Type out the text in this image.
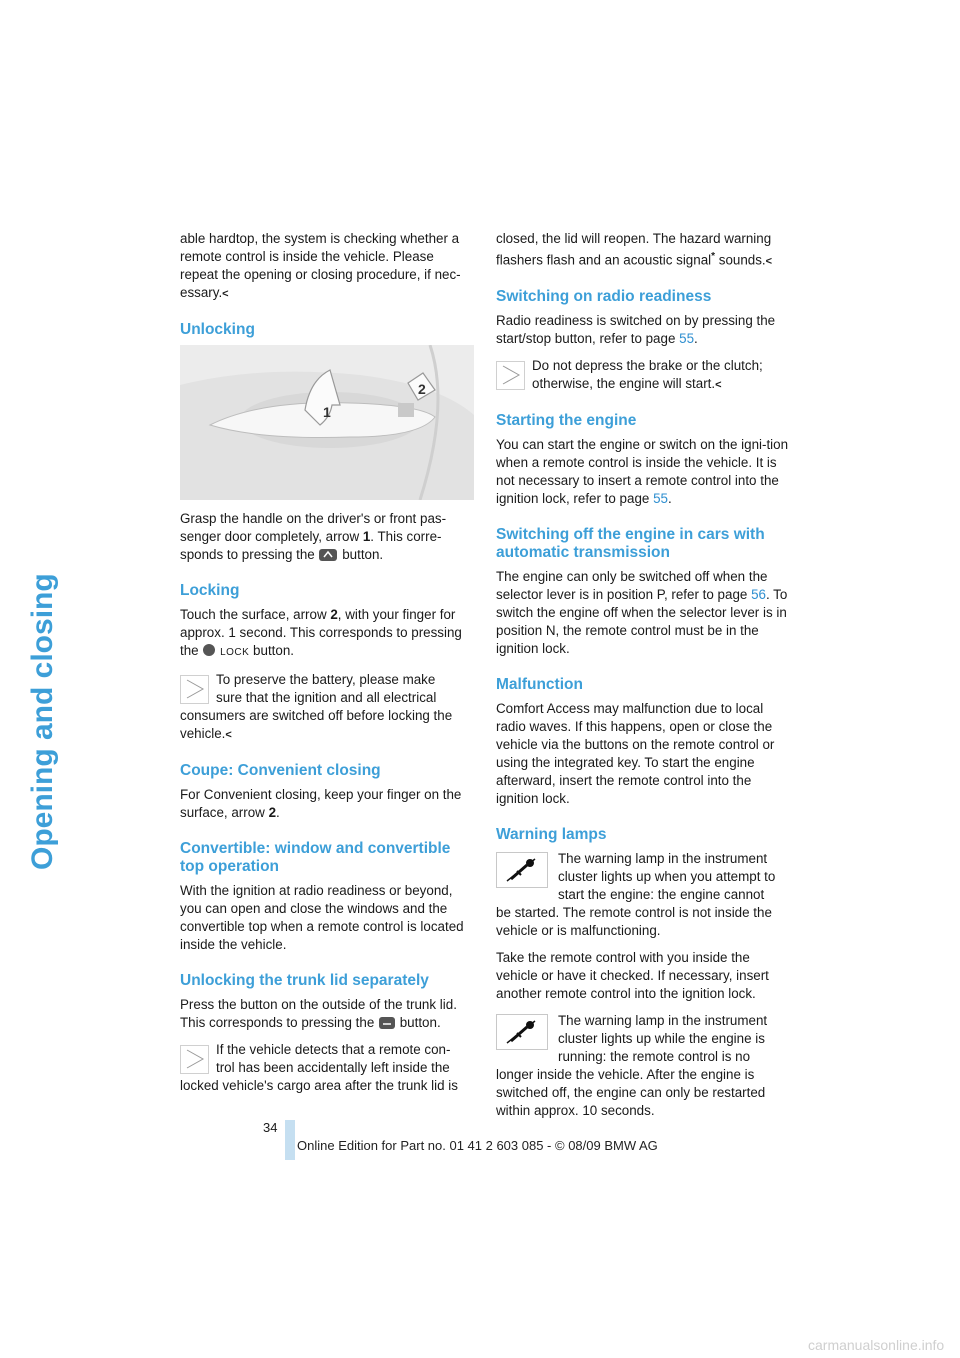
Opening and closing

able hardtop, the system is checking whether a remote control is inside the vehicle. Please repeat the opening or closing procedure, if nec-essary.<

Unlocking
1
2

Grasp the handle on the driver's or front pas-senger door completely, arrow 1. This corre-sponds to pressing the
button.

Locking

Touch the surface, arrow 2, with your finger for approx. 1 second. This corresponds to pressing the LOCK button.

To preserve the battery, please make
sure that the ignition and all electrical
consumers are switched off before locking the vehicle.<
Coupe: Convenient closing

For Convenient closing, keep your finger on the surface, arrow 2.

Convertible: window and convertible top operation

With the ignition at radio readiness or beyond, you can open and close the windows and the convertible top when a remote control is located inside the vehicle.

Unlocking the trunk lid separately

Press the button on the outside of the trunk lid. This corresponds to pressing the
button.

If the vehicle detects that a remote con-
trol has been accidentally left inside the
locked vehicle's cargo area after the trunk lid is

closed, the lid will reopen. The hazard warning flashers flash and an acoustic signal* sounds.<

Switching on radio readiness

Radio readiness is switched on by pressing the start/stop button, refer to page 55.

Do not depress the brake or the clutch;
otherwise, the engine will start.<
Starting the engine

You can start the engine or switch on the igni-tion when a remote control is inside the vehicle. It is not necessary to insert a remote control into the ignition lock, refer to page 55.

Switching off the engine in cars with automatic transmission

The engine can only be switched off when the selector lever is in position P, refer to page 56. To switch the engine off when the selector lever is in position N, the remote control must be in the ignition lock.

Malfunction

Comfort Access may malfunction due to local radio waves. If this happens, open or close the vehicle via the buttons on the remote control or using the integrated key. To start the engine afterward, insert the remote control into the ignition lock.

Warning lamps
The warning lamp in the instrument
cluster lights up when you attempt to
start the engine: the engine cannot
be started. The remote control is not inside the vehicle or is malfunctioning.

Take the remote control with you inside the vehicle or have it checked. If necessary, insert another remote control into the ignition lock.

The warning lamp in the instrument
cluster lights up while the engine is
running: the remote control is no
longer inside the vehicle. After the engine is switched off, the engine can only be restarted within approx. 10 seconds.
34
Online Edition for Part no. 01 41 2 603 085 - © 08/09 BMW AG
carmanualsonline.info
